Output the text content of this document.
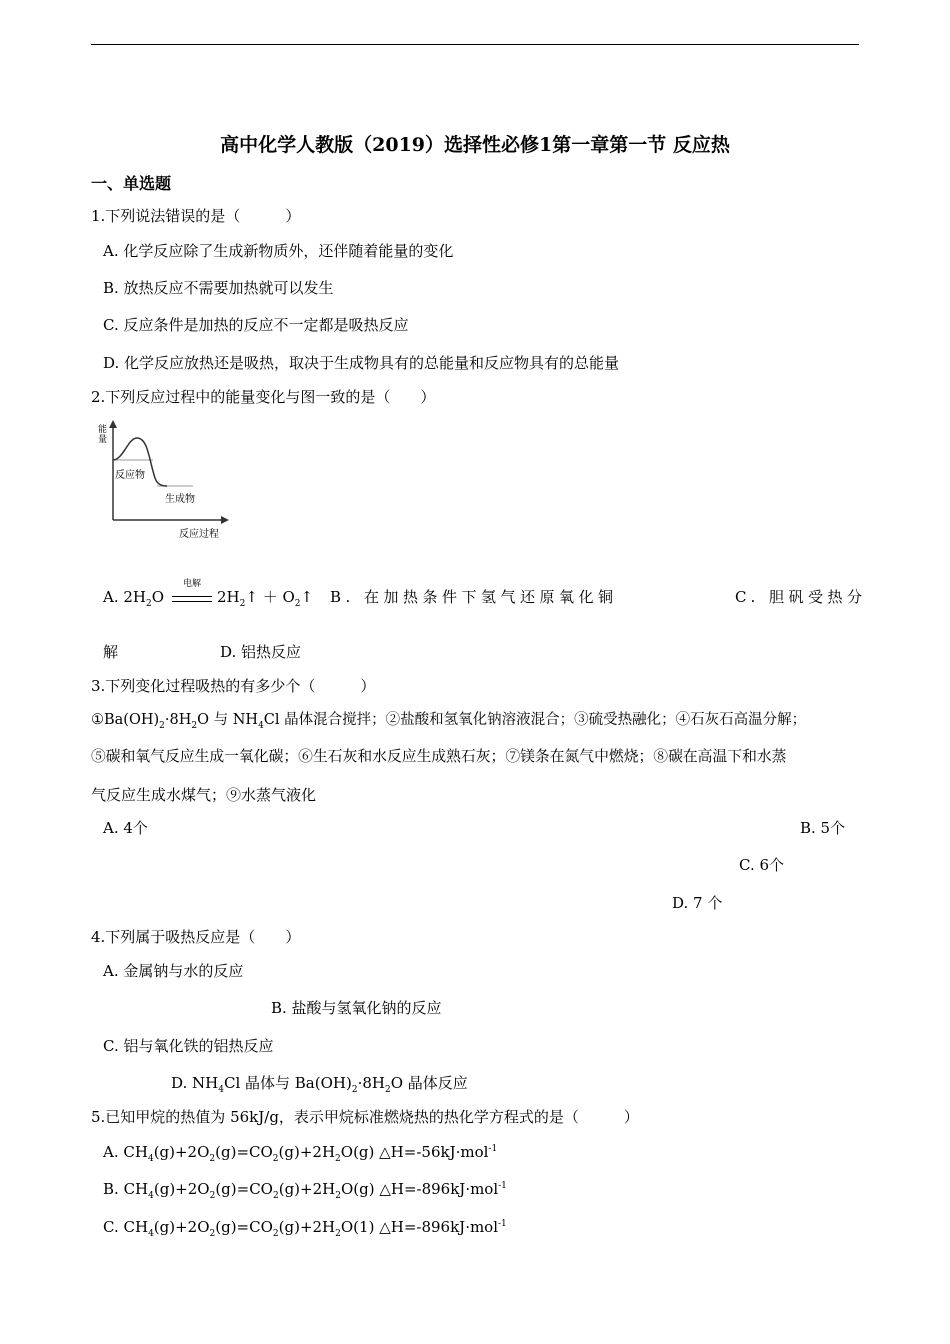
高中化学人教版（2019）选择性必修1第一章第一节 反应热
一、单选题
1.下列说法错误的是（　　　）
A. 化学反应除了生成新物质外，还伴随着能量的变化
B. 放热反应不需要加热就可以发生
C. 反应条件是加热的反应不一定都是吸热反应
D. 化学反应放热还是吸热，取决于生成物具有的总能量和反应物具有的总能量
2.下列反应过程中的能量变化与图一致的是（　　）
能
量
反应物
生成物
反应过程
A. $2H_2O$
电解
$2H_2↑$ ＋ $O_2↑$ B. 在加热条件下氢气还原氧化铜	C. 胆矾受热分
解	D. 铝热反应
3.下列变化过程吸热的有多少个（　　　）
$①Ba(OH)_2\cdot 8H_2O$ 与 $NH_4Cl$ 晶体混合搅拌；②盐酸和氢氧化钠溶液混合；③硫受热融化；④石灰石高温分解；
⑤碳和氧气反应生成一氧化碳；⑥生石灰和水反应生成熟石灰；⑦镁条在氮气中燃烧；⑧碳在高温下和水蒸
气反应生成水煤气；⑨水蒸气液化
A. 4个	B. 5个
C. 6个
D. 7 个
4.下列属于吸热反应是（　　）
A. 金属钠与水的反应
B. 盐酸与氢氧化钠的反应
C. 铝与氧化铁的铝热反应
D. $NH_4Cl$ 晶体与 $Ba(OH)_2\cdot 8H_2O$ 晶体反应
5.已知甲烷的热值为 56kJ/g，表示甲烷标准燃烧热的热化学方程式的是（　　　）
A. $CH_4(g)+2O_2(g)=CO_2(g)+2H_2O(g)$ △H=-56kJ·mol$^{-1}$
B. $CH_4(g)+2O_2(g)=CO_2(g)+2H_2O(g)$ △H=-896kJ·mol$^{-1}$
C. $CH_4(g)+2O_2(g)=CO_2(g)+2H_2O(1)$ △H=-896kJ·mol$^{-1}$
